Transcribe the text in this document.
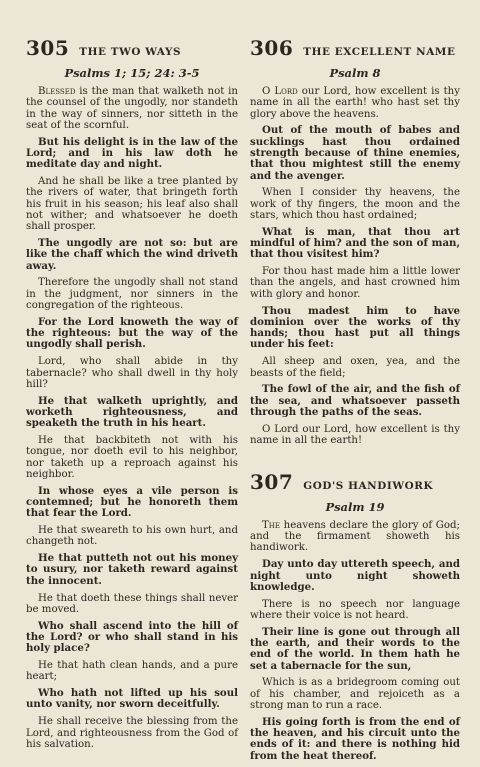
305 THE TWO WAYS
Psalms 1; 15; 24: 3-5

Blessed is the man that walketh not in the counsel of the ungodly, nor standeth in the way of sinners, nor sitteth in the seat of the scornful.

But his delight is in the law of the Lord; and in his law doth he meditate day and night.

And he shall be like a tree planted by the rivers of water, that bringeth forth his fruit in his season; his leaf also shall not wither; and whatsoever he doeth shall prosper.

The ungodly are not so: but are like the chaff which the wind driveth away.

Therefore the ungodly shall not stand in the judgment, nor sinners in the congregation of the righteous.

For the Lord knoweth the way of the righteous: but the way of the ungodly shall perish.

Lord, who shall abide in thy tabernacle? who shall dwell in thy holy hill?

He that walketh uprightly, and worketh righteousness, and speaketh the truth in his heart.

He that backbiteth not with his tongue, nor doeth evil to his neighbor, nor taketh up a reproach against his neighbor.

In whose eyes a vile person is contemned; but he honoreth them that fear the Lord.

He that sweareth to his own hurt, and changeth not.

He that putteth not out his money to usury, nor taketh reward against the innocent.

He that doeth these things shall never be moved.

Who shall ascend into the hill of the Lord? or who shall stand in his holy place?

He that hath clean hands, and a pure heart;

Who hath not lifted up his soul unto vanity, nor sworn deceitfully.

He shall receive the blessing from the Lord, and righteousness from the God of his salvation.

306 THE EXCELLENT NAME
Psalm 8

O Lord our Lord, how excellent is thy name in all the earth! who hast set thy glory above the heavens.

Out of the mouth of babes and sucklings hast thou ordained strength because of thine enemies, that thou mightest still the enemy and the avenger.

When I consider thy heavens, the work of thy fingers, the moon and the stars, which thou hast ordained;

What is man, that thou art mindful of him? and the son of man, that thou visitest him?

For thou hast made him a little lower than the angels, and hast crowned him with glory and honor.

Thou madest him to have dominion over the works of thy hands; thou hast put all things under his feet:

All sheep and oxen, yea, and the beasts of the field;

The fowl of the air, and the fish of the sea, and whatsoever passeth through the paths of the seas.

O Lord our Lord, how excellent is thy name in all the earth!

307 GOD'S HANDIWORK
Psalm 19

The heavens declare the glory of God; and the firmament showeth his handiwork.

Day unto day uttereth speech, and night unto night showeth knowledge.

There is no speech nor language where their voice is not heard.

Their line is gone out through all the earth, and their words to the end of the world. In them hath he set a tabernacle for the sun,

Which is as a bridegroom coming out of his chamber, and rejoiceth as a strong man to run a race.

His going forth is from the end of the heaven, and his circuit unto the ends of it: and there is nothing hid from the heat thereof.
